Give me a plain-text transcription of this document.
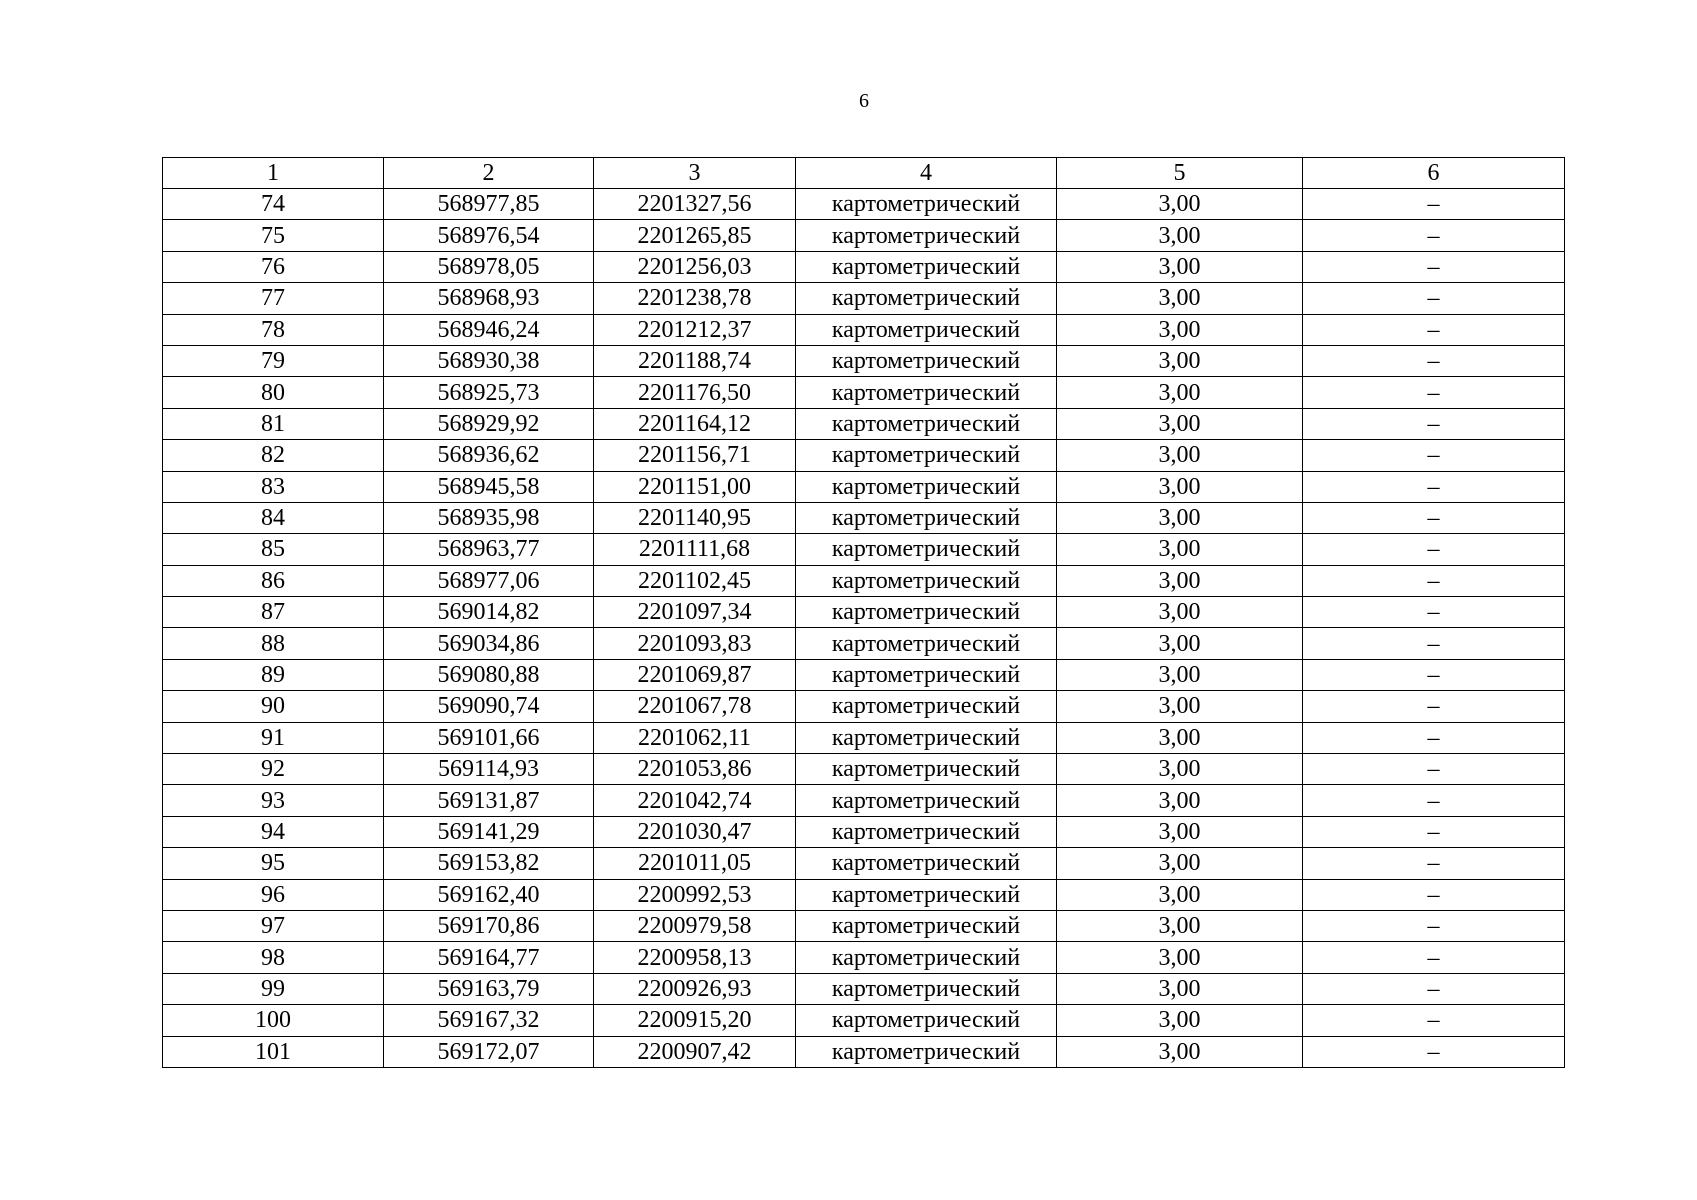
6
1	2	3	4	5	6
74	568977,85	2201327,56	картометрический	3,00	–
75	568976,54	2201265,85	картометрический	3,00	–
76	568978,05	2201256,03	картометрический	3,00	–
77	568968,93	2201238,78	картометрический	3,00	–
78	568946,24	2201212,37	картометрический	3,00	–
79	568930,38	2201188,74	картометрический	3,00	–
80	568925,73	2201176,50	картометрический	3,00	–
81	568929,92	2201164,12	картометрический	3,00	–
82	568936,62	2201156,71	картометрический	3,00	–
83	568945,58	2201151,00	картометрический	3,00	–
84	568935,98	2201140,95	картометрический	3,00	–
85	568963,77	2201111,68	картометрический	3,00	–
86	568977,06	2201102,45	картометрический	3,00	–
87	569014,82	2201097,34	картометрический	3,00	–
88	569034,86	2201093,83	картометрический	3,00	–
89	569080,88	2201069,87	картометрический	3,00	–
90	569090,74	2201067,78	картометрический	3,00	–
91	569101,66	2201062,11	картометрический	3,00	–
92	569114,93	2201053,86	картометрический	3,00	–
93	569131,87	2201042,74	картометрический	3,00	–
94	569141,29	2201030,47	картометрический	3,00	–
95	569153,82	2201011,05	картометрический	3,00	–
96	569162,40	2200992,53	картометрический	3,00	–
97	569170,86	2200979,58	картометрический	3,00	–
98	569164,77	2200958,13	картометрический	3,00	–
99	569163,79	2200926,93	картометрический	3,00	–
100	569167,32	2200915,20	картометрический	3,00	–
101	569172,07	2200907,42	картометрический	3,00	–
